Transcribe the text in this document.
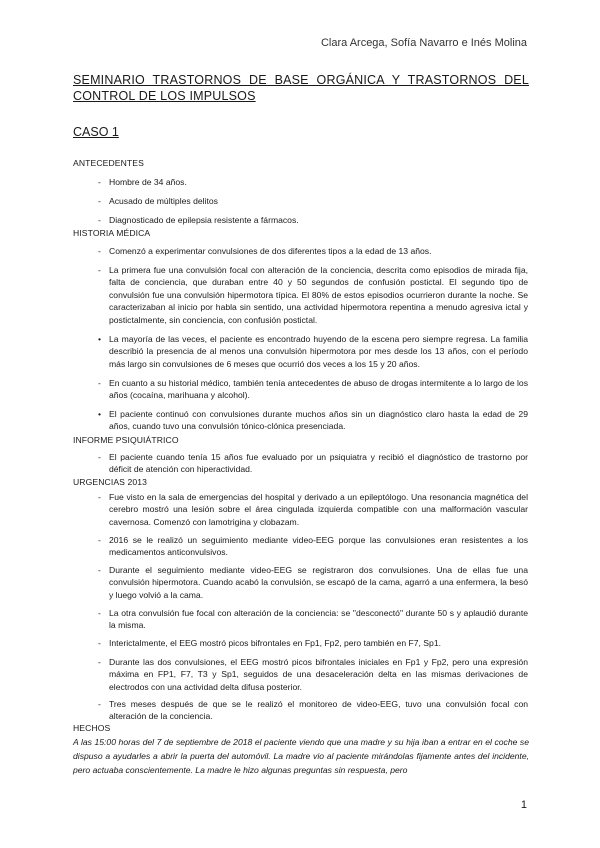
Clara Arcega, Sofía Navarro e Inés Molina
SEMINARIO TRASTORNOS DE BASE ORGÁNICA Y TRASTORNOS DEL CONTROL DE LOS IMPULSOS
CASO 1
ANTECEDENTES
- Hombre de 34 años.
- Acusado de múltiples delitos
- Diagnosticado de epilepsia resistente a fármacos.
HISTORIA MÉDICA
- Comenzó a experimentar convulsiones de dos diferentes tipos a la edad de 13 años.
- La primera fue una convulsión focal con alteración de la conciencia, descrita como episodios de mirada fija, falta de conciencia, que duraban entre 40 y 50 segundos de confusión postictal. El segundo tipo de convulsión fue una convulsión hipermotora típica. El 80% de estos episodios ocurrieron durante la noche. Se caracterizaban al inicio por habla sin sentido, una actividad hipermotora repentina a menudo agresiva ictal y postictalmente, sin conciencia, con confusión postictal.
• La mayoría de las veces, el paciente es encontrado huyendo de la escena pero siempre regresa. La familia describió la presencia de al menos una convulsión hipermotora por mes desde los 13 años, con el período más largo sin convulsiones de 6 meses que ocurrió dos veces a los 15 y 20 años.
- En cuanto a su historial médico, también tenía antecedentes de abuso de drogas intermitente a lo largo de los años (cocaína, marihuana y alcohol).
• El paciente continuó con convulsiones durante muchos años sin un diagnóstico claro hasta la edad de 29 años, cuando tuvo una convulsión tónico-clónica presenciada.
INFORME PSIQUIÁTRICO
- El paciente cuando tenía 15 años fue evaluado por un psiquiatra y recibió el diagnóstico de trastorno por déficit de atención con hiperactividad.
URGENCIAS 2013
- Fue visto en la sala de emergencias del hospital y derivado a un epileptólogo. Una resonancia magnética del cerebro mostró una lesión sobre el área cingulada izquierda compatible con una malformación vascular cavernosa. Comenzó con lamotrigina y clobazam.
- 2016 se le realizó un seguimiento mediante video-EEG porque las convulsiones eran resistentes a los medicamentos anticonvulsivos.
- Durante el seguimiento mediante video-EEG se registraron dos convulsiones. Una de ellas fue una convulsión hipermotora. Cuando acabó la convulsión, se escapó de la cama, agarró a una enfermera, la besó y luego volvió a la cama.
- La otra convulsión fue focal con alteración de la conciencia: se "desconectó" durante 50 s y aplaudió durante la misma.
- Interictalmente, el EEG mostró picos bifrontales en Fp1, Fp2, pero también en F7, Sp1.
- Durante las dos convulsiones, el EEG mostró picos bifrontales iniciales en Fp1 y Fp2, pero una expresión máxima en FP1, F7, T3 y Sp1, seguidos de una desaceleración delta en las mismas derivaciones de electrodos con una actividad delta difusa posterior.
- Tres meses después de que se le realizó el monitoreo de video-EEG, tuvo una convulsión focal con alteración de la conciencia.
HECHOS
A las 15:00 horas del 7 de septiembre de 2018 el paciente viendo que una madre y su hija iban a entrar en el coche se dispuso a ayudarles a abrir la puerta del automóvil. La madre vio al paciente mirándolas fijamente antes del incidente, pero actuaba conscientemente. La madre le hizo algunas preguntas sin respuesta, pero
1
